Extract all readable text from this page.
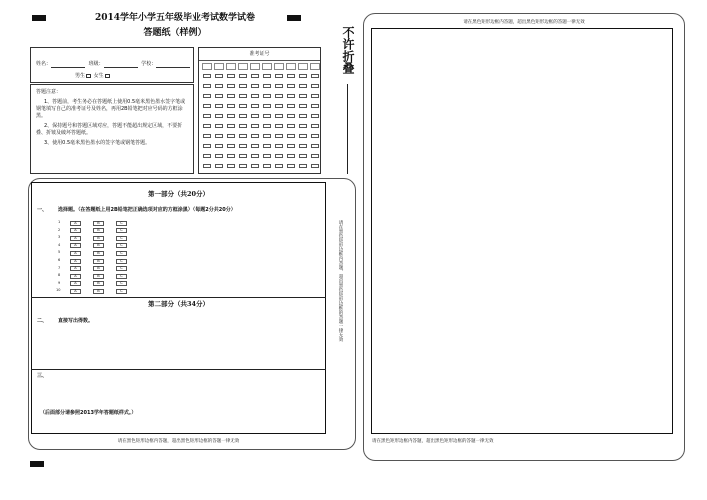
2014学年小学五年级毕业考试数学试卷
答题纸（样例）
姓名：	班级：	学校：
男生 女生
答题注意：
1、答题前，考生务必在答题纸上使用0.5毫米黑色墨水签字笔或钢笔填写自己的准考证号及姓名，再用2B铅笔把对应号码的方框涂黑。
2、保持题号和答题区域对应，答题不能超出规定区域，不要折叠、折皱及破坏答题纸。
3、使用0.5毫米黑色墨水的签字笔或钢笔答题。
准考证号
第一部分（共20分）
一、 选择题。（在答题纸上用2B铅笔把正确选项对应的方框涂黑）（每题2分共20分）
1	A	B	C
2	A	B	C
3	A	B	C
4	A	B	C
5	A	B	C
6	A	B	C
7	A	B	C
8	A	B	C
9	A	B	C
10	A	B	C
第二部分（共34分）
二、 直接写出得数。
三、
（后面部分请参照2013学年答题纸样式。）
请在黑色矩形边框内答题，超出黑色矩形边框的答题一律无效
请在黑色矩形边框内答题，超出黑色矩形边框的答题一律无效
不许折叠
请在黑色矩形边框内答题，超出黑色矩形边框的答题一律无效
请在黑色矩形边框内答题，超出黑色矩形边框的答题一律无效
